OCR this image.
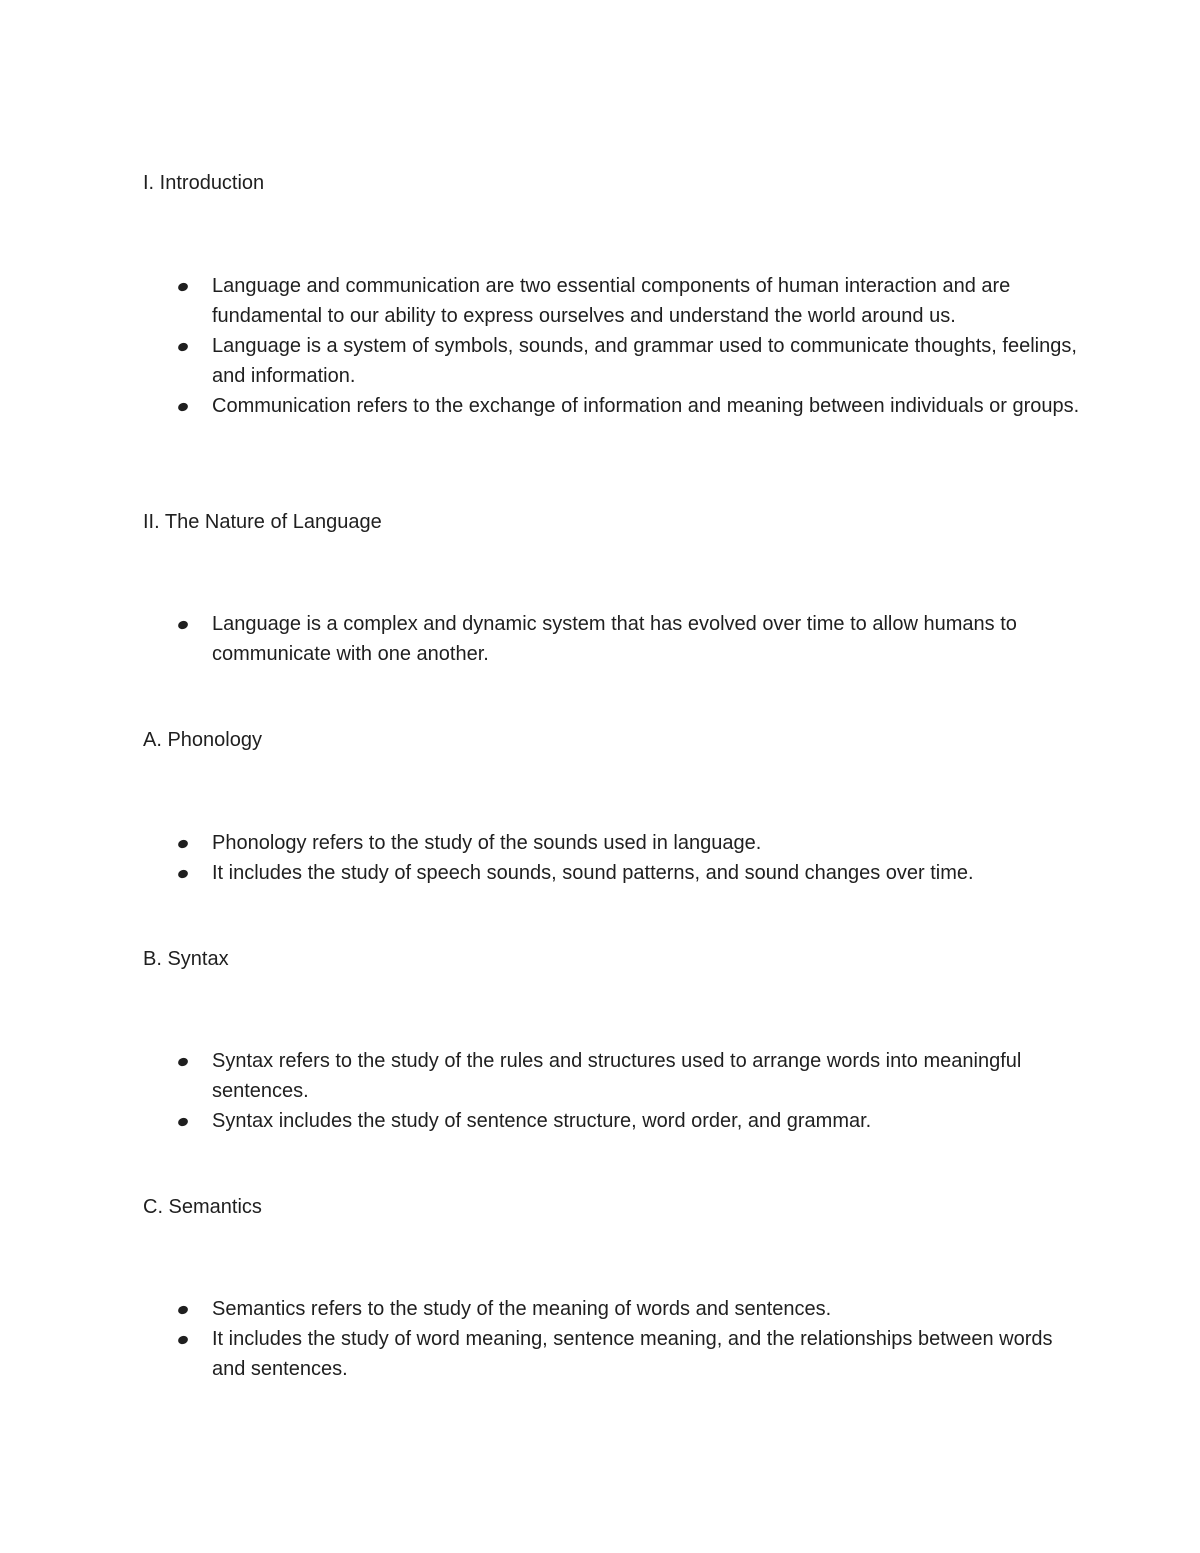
I. Introduction
Language and communication are two essential components of human interaction and are fundamental to our ability to express ourselves and understand the world around us.
Language is a system of symbols, sounds, and grammar used to communicate thoughts, feelings, and information.
Communication refers to the exchange of information and meaning between individuals or groups.
II. The Nature of Language
Language is a complex and dynamic system that has evolved over time to allow humans to communicate with one another.
A. Phonology
Phonology refers to the study of the sounds used in language.
It includes the study of speech sounds, sound patterns, and sound changes over time.
B. Syntax
Syntax refers to the study of the rules and structures used to arrange words into meaningful sentences.
Syntax includes the study of sentence structure, word order, and grammar.
C. Semantics
Semantics refers to the study of the meaning of words and sentences.
It includes the study of word meaning, sentence meaning, and the relationships between words and sentences.
